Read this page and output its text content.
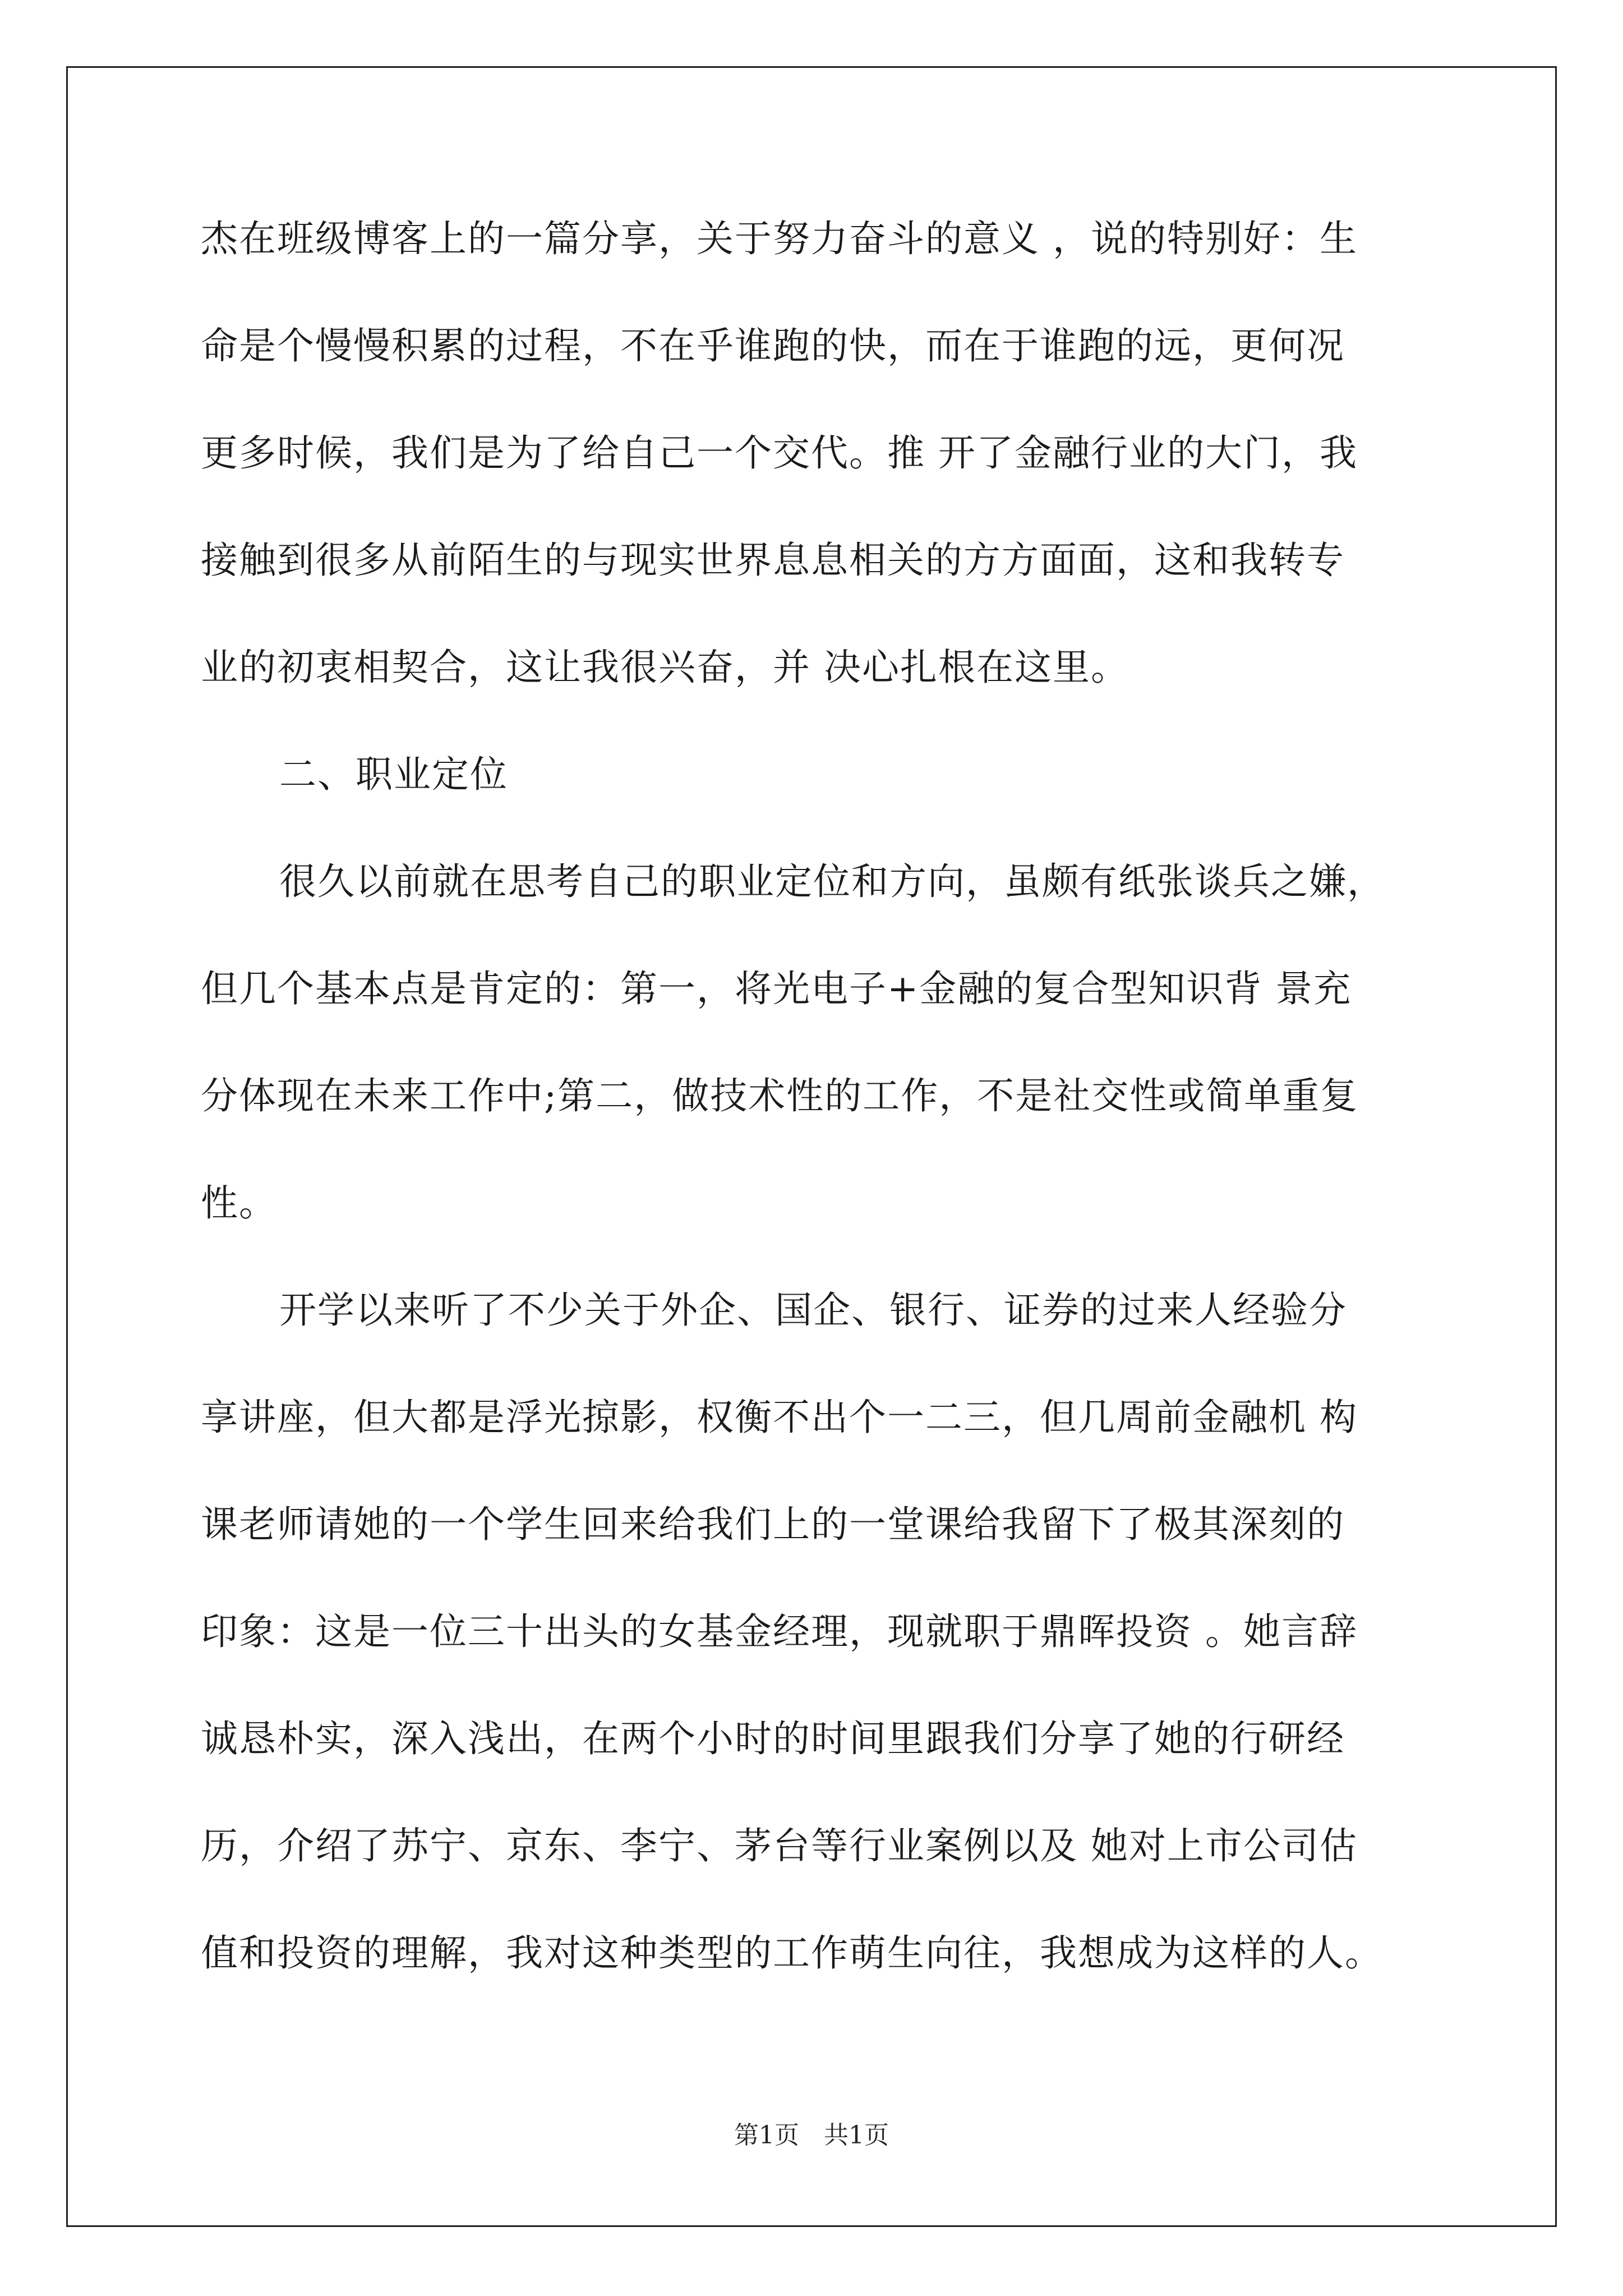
杰在班级博客上的一篇分享，关于努力奋斗的意义 ，说的特别好：生
命是个慢慢积累的过程，不在乎谁跑的快，而在于谁跑的远，更何况
更多时候，我们是为了给自己一个交代。推 开了金融行业的大门，我
接触到很多从前陌生的与现实世界息息相关的方方面面，这和我转专
业的初衷相契合，这让我很兴奋，并 决心扎根在这里。
二、职业定位
很久以前就在思考自己的职业定位和方向，虽颇有纸张谈兵之嫌，
但几个基本点是肯定的：第一，将光电子+金融的复合型知识背 景充
分体现在未来工作中;第二，做技术性的工作，不是社交性或简单重复
性。
开学以来听了不少关于外企、国企、银行、证券的过来人经验分
享讲座，但大都是浮光掠影，权衡不出个一二三，但几周前金融机 构
课老师请她的一个学生回来给我们上的一堂课给我留下了极其深刻的
印象：这是一位三十出头的女基金经理，现就职于鼎晖投资 。她言辞
诚恳朴实，深入浅出，在两个小时的时间里跟我们分享了她的行研经
历，介绍了苏宁、京东、李宁、茅台等行业案例以及 她对上市公司估
值和投资的理解，我对这种类型的工作萌生向往，我想成为这样的人。
第1页　共1页
